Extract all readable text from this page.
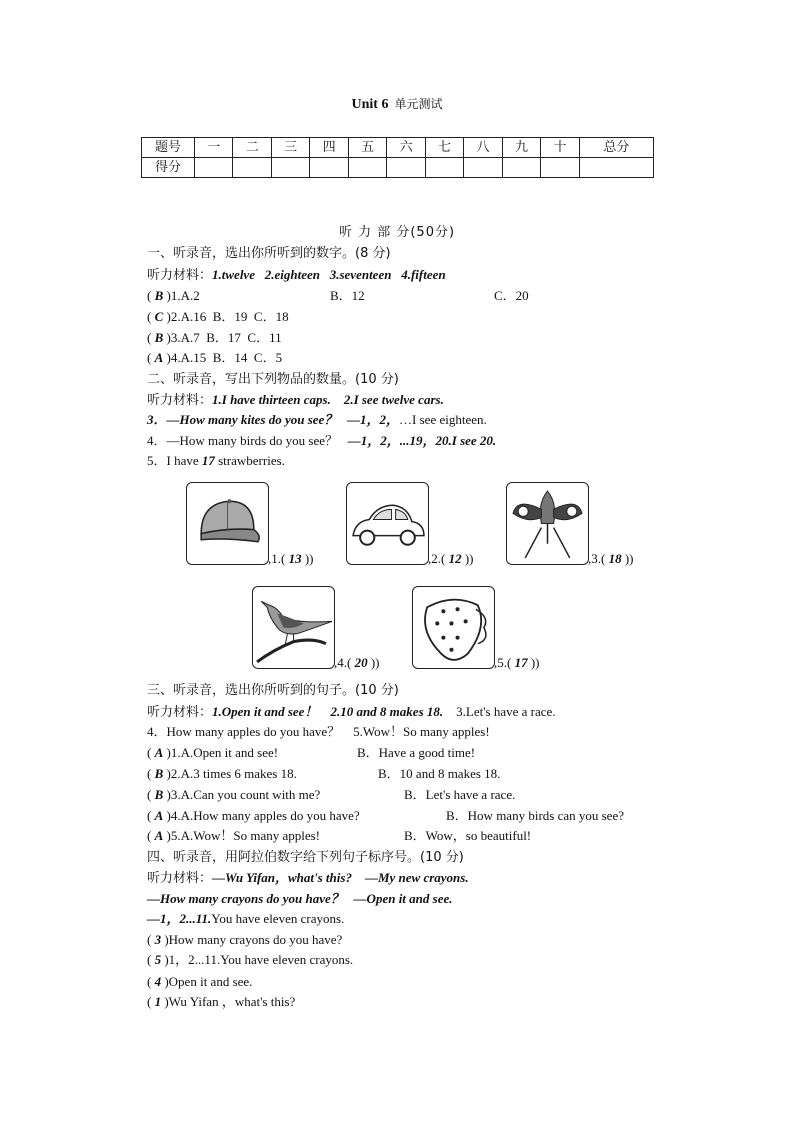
Unit 6 单元测试
题号	一	二	三	四	五	六	七	八	九	十	总分
得分											
听 力 部 分(50分)
一、听录音，选出你所听到的数字。(8 分)
听力材料：1.twelve   2.eighteen   3.seventeen   4.fifteen
( B )1.A.2	B．12	C．20
( C )2.A.16  B．19  C．18
( B )3.A.7  B．17  C．11
( A )4.A.15  B．14  C．5
二、听录音，写出下列物品的数量。(10 分)
听力材料：1.I have thirteen caps.    2.I see twelve cars.
3．—How many kites do you see？   —1，2，…I see eighteen.
4．—How many birds do you see？   —1，2，...19，20.I see 20.
5．I have 17 strawberries.
三、听录音，选出你所听到的句子。(10 分)
听力材料：1.Open it and see！    2.10 and 8 makes 18.    3.Let's have a race.
4．How many apples do you have？    5.Wow！So many apples!
( A )1.A.Open it and see!	B．Have a good time!
( B )2.A.3 times 6 makes 18.	B．10 and 8 makes 18.
( B )3.A.Can you count with me?	B．Let's have a race.
( A )4.A.How many apples do you have?	B．How many birds can you see?
( A )5.A.Wow！So many apples!	B．Wow，so beautiful!
四、听录音，用阿拉伯数字给下列句子标序号。(10 分)
听力材料：—Wu Yifan，what's this?    —My new crayons.
—How many crayons do you have？   —Open it and see.
—1，2...11.You have eleven crayons.
( 3 )How many crayons do you have?
( 5 )1，2...11.You have eleven crayons.
( 4 )Open it and see.
( 1 )Wu Yifan ，what's this?
,1.( 13 ))	,2.( 12 ))	,3.( 18 ))
,4.( 20 ))	,5.( 17 ))
